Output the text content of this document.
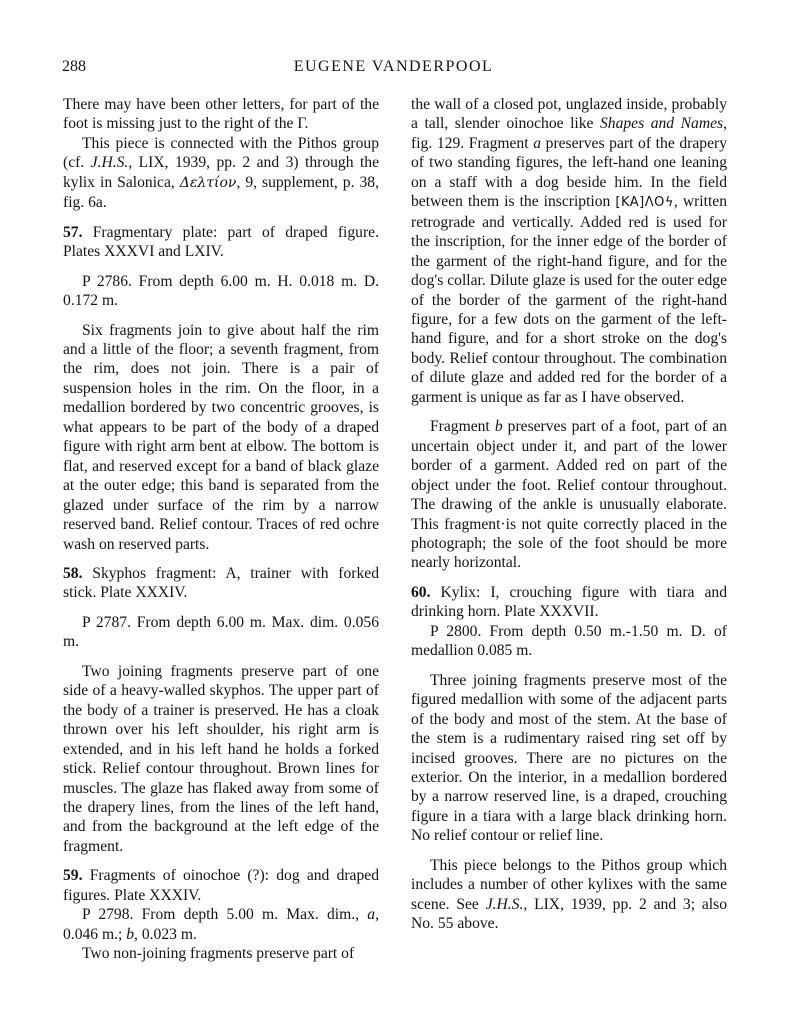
288	EUGENE VANDERPOOL

There may have been other letters, for part of the foot is missing just to the right of the Γ.

This piece is connected with the Pithos group (cf. J.H.S., LIX, 1939, pp. 2 and 3) through the kylix in Salonica, Δελτίον, 9, supplement, p. 38, fig. 6a.

57. Fragmentary plate: part of draped figure. Plates XXXVI and LXIV.

P 2786. From depth 6.00 m. H. 0.018 m. D. 0.172 m.

Six fragments join to give about half the rim and a little of the floor; a seventh fragment, from the rim, does not join. There is a pair of suspension holes in the rim. On the floor, in a medallion bordered by two concentric grooves, is what appears to be part of the body of a draped figure with right arm bent at elbow. The bottom is flat, and reserved except for a band of black glaze at the outer edge; this band is separated from the glazed under surface of the rim by a narrow reserved band. Relief contour. Traces of red ochre wash on reserved parts.

58. Skyphos fragment: A, trainer with forked stick. Plate XXXIV.

P 2787. From depth 6.00 m. Max. dim. 0.056 m.

Two joining fragments preserve part of one side of a heavy-walled skyphos. The upper part of the body of a trainer is preserved. He has a cloak thrown over his left shoulder, his right arm is extended, and in his left hand he holds a forked stick. Relief contour throughout. Brown lines for muscles. The glaze has flaked away from some of the drapery lines, from the lines of the left hand, and from the background at the left edge of the fragment.

59. Fragments of oinochoe (?): dog and draped figures. Plate XXXIV.

P 2798. From depth 5.00 m. Max. dim., a, 0.046 m.; b, 0.023 m.

Two non-joining fragments preserve part of

the wall of a closed pot, unglazed inside, probably a tall, slender oinochoe like Shapes and Names, fig. 129. Fragment a preserves part of the drapery of two standing figures, the left-hand one leaning on a staff with a dog beside him. In the field between them is the inscription [KA]ΛOϟ, written retrograde and vertically. Added red is used for the inscription, for the inner edge of the border of the garment of the right-hand figure, and for the dog's collar. Dilute glaze is used for the outer edge of the border of the garment of the right-hand figure, for a few dots on the garment of the left-hand figure, and for a short stroke on the dog's body. Relief contour throughout. The combination of dilute glaze and added red for the border of a garment is unique as far as I have observed.

Fragment b preserves part of a foot, part of an uncertain object under it, and part of the lower border of a garment. Added red on part of the object under the foot. Relief contour throughout. The drawing of the ankle is unusually elaborate. This fragment·is not quite correctly placed in the photograph; the sole of the foot should be more nearly horizontal.

60. Kylix: I, crouching figure with tiara and drinking horn. Plate XXXVII.

P 2800. From depth 0.50 m.-1.50 m. D. of medallion 0.085 m.

Three joining fragments preserve most of the figured medallion with some of the adjacent parts of the body and most of the stem. At the base of the stem is a rudimentary raised ring set off by incised grooves. There are no pictures on the exterior. On the interior, in a medallion bordered by a narrow reserved line, is a draped, crouching figure in a tiara with a large black drinking horn. No relief contour or relief line.

This piece belongs to the Pithos group which includes a number of other kylixes with the same scene. See J.H.S., LIX, 1939, pp. 2 and 3; also No. 55 above.
